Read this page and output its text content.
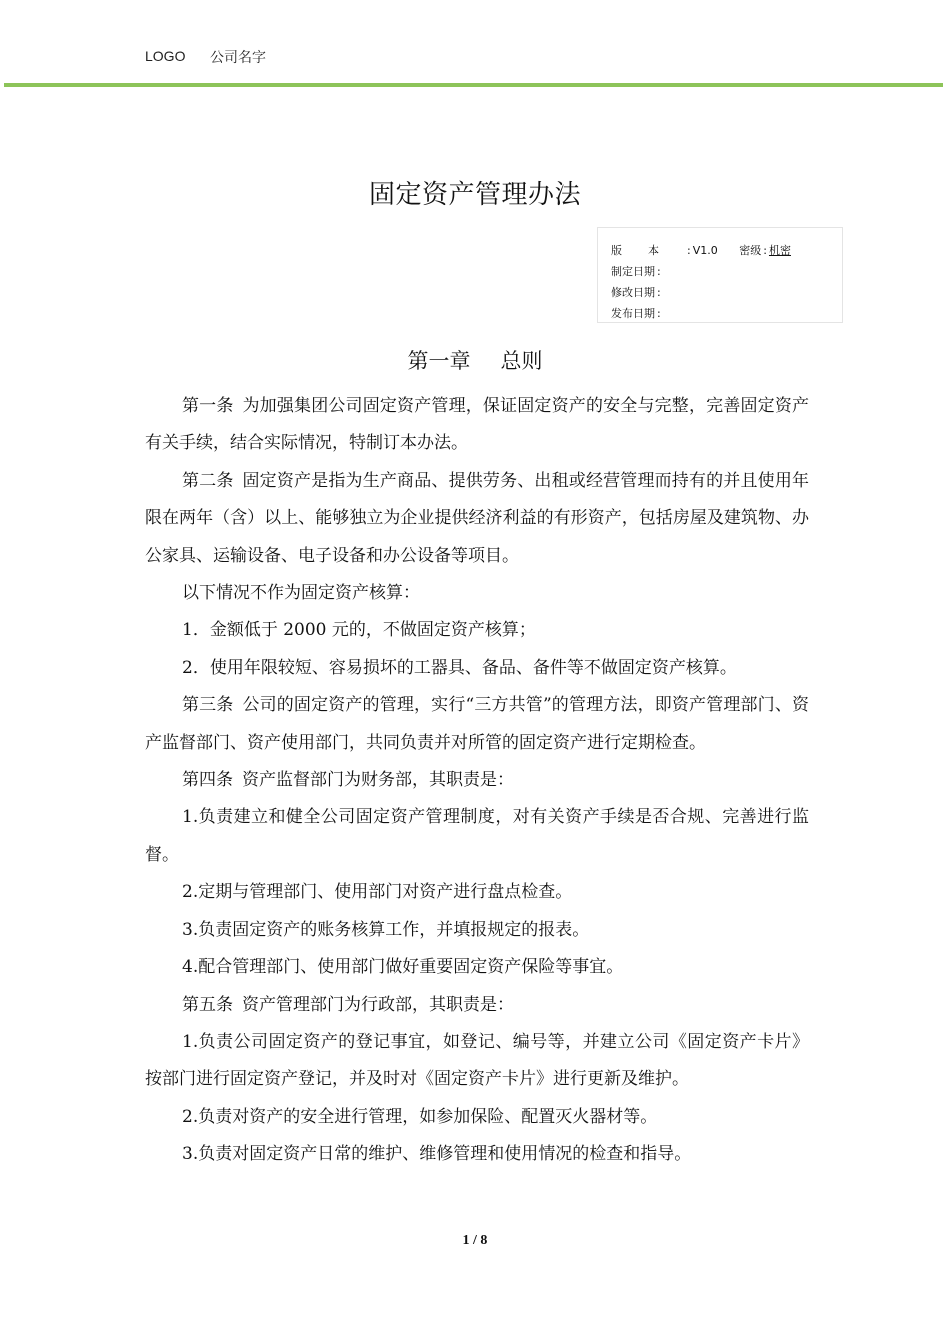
LOGO 公司名字
固定资产管理办法
版本 : V1.0 密级 : 机密
制定日期 :
修改日期 :
发布日期 :
第一章 总则

第一条 为加强集团公司固定资产管理，保证固定资产的安全与完整，完善固定资产有关手续，结合实际情况，特制订本办法。

第二条 固定资产是指为生产商品、提供劳务、出租或经营管理而持有的并且使用年限在两年（含）以上、能够独立为企业提供经济利益的有形资产，包括房屋及建筑物、办公家具、运输设备、电子设备和办公设备等项目。

以下情况不作为固定资产核算：

1．金额低于 2000 元的，不做固定资产核算；

2．使用年限较短、容易损坏的工器具、备品、备件等不做固定资产核算。

第三条 公司的固定资产的管理，实行“三方共管”的管理方法，即资产管理部门、资产监督部门、资产使用部门，共同负责并对所管的固定资产进行定期检查。

第四条 资产监督部门为财务部，其职责是：

1.负责建立和健全公司固定资产管理制度，对有关资产手续是否合规、完善进行监督。

2.定期与管理部门、使用部门对资产进行盘点检查。

3.负责固定资产的账务核算工作，并填报规定的报表。

4.配合管理部门、使用部门做好重要固定资产保险等事宜。

第五条 资产管理部门为行政部，其职责是：

1.负责公司固定资产的登记事宜，如登记、编号等，并建立公司《固定资产卡片》按部门进行固定资产登记，并及时对《固定资产卡片》进行更新及维护。

2.负责对资产的安全进行管理，如参加保险、配置灭火器材等。

3.负责对固定资产日常的维护、维修管理和使用情况的检查和指导。

1 / 8
